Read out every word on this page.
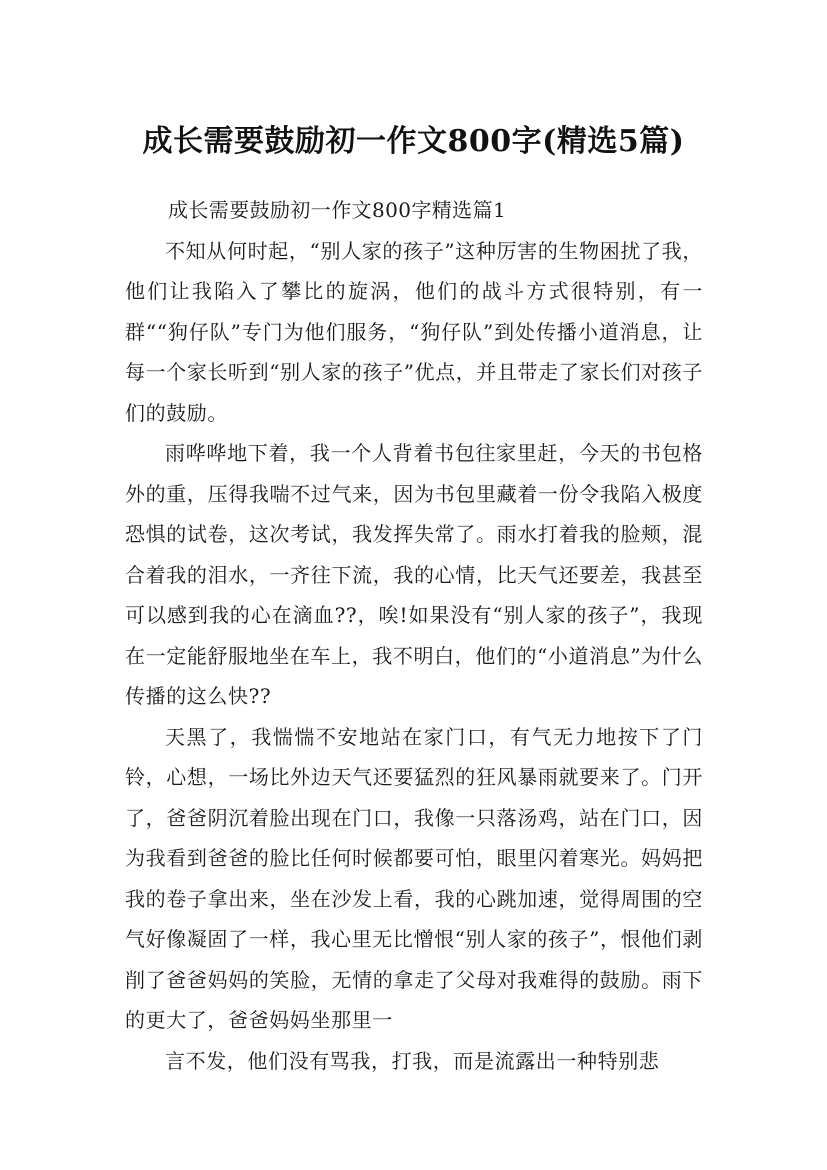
成长需要鼓励初一作文800字(精选5篇)

成长需要鼓励初一作文800字精选篇1

不知从何时起，“别人家的孩子”这种厉害的生物困扰了我，他们让我陷入了攀比的旋涡，他们的战斗方式很特别，有一群““狗仔队”专门为他们服务，“狗仔队”到处传播小道消息，让每一个家长听到“别人家的孩子”优点，并且带走了家长们对孩子们的鼓励。

雨哗哗地下着，我一个人背着书包往家里赶，今天的书包格外的重，压得我喘不过气来，因为书包里藏着一份令我陷入极度恐惧的试卷，这次考试，我发挥失常了。雨水打着我的脸颊，混合着我的泪水，一齐往下流，我的心情，比天气还要差，我甚至可以感到我的心在滴血??，唉!如果没有“别人家的孩子”，我现在一定能舒服地坐在车上，我不明白，他们的“小道消息”为什么传播的这么快??

天黑了，我惴惴不安地站在家门口，有气无力地按下了门铃，心想，一场比外边天气还要猛烈的狂风暴雨就要来了。门开了，爸爸阴沉着脸出现在门口，我像一只落汤鸡，站在门口，因为我看到爸爸的脸比任何时候都要可怕，眼里闪着寒光。妈妈把我的卷子拿出来，坐在沙发上看，我的心跳加速，觉得周围的空气好像凝固了一样，我心里无比憎恨“别人家的孩子”，恨他们剥削了爸爸妈妈的笑脸，无情的拿走了父母对我难得的鼓励。雨下的更大了，爸爸妈妈坐那里一

言不发，他们没有骂我，打我，而是流露出一种特别悲
